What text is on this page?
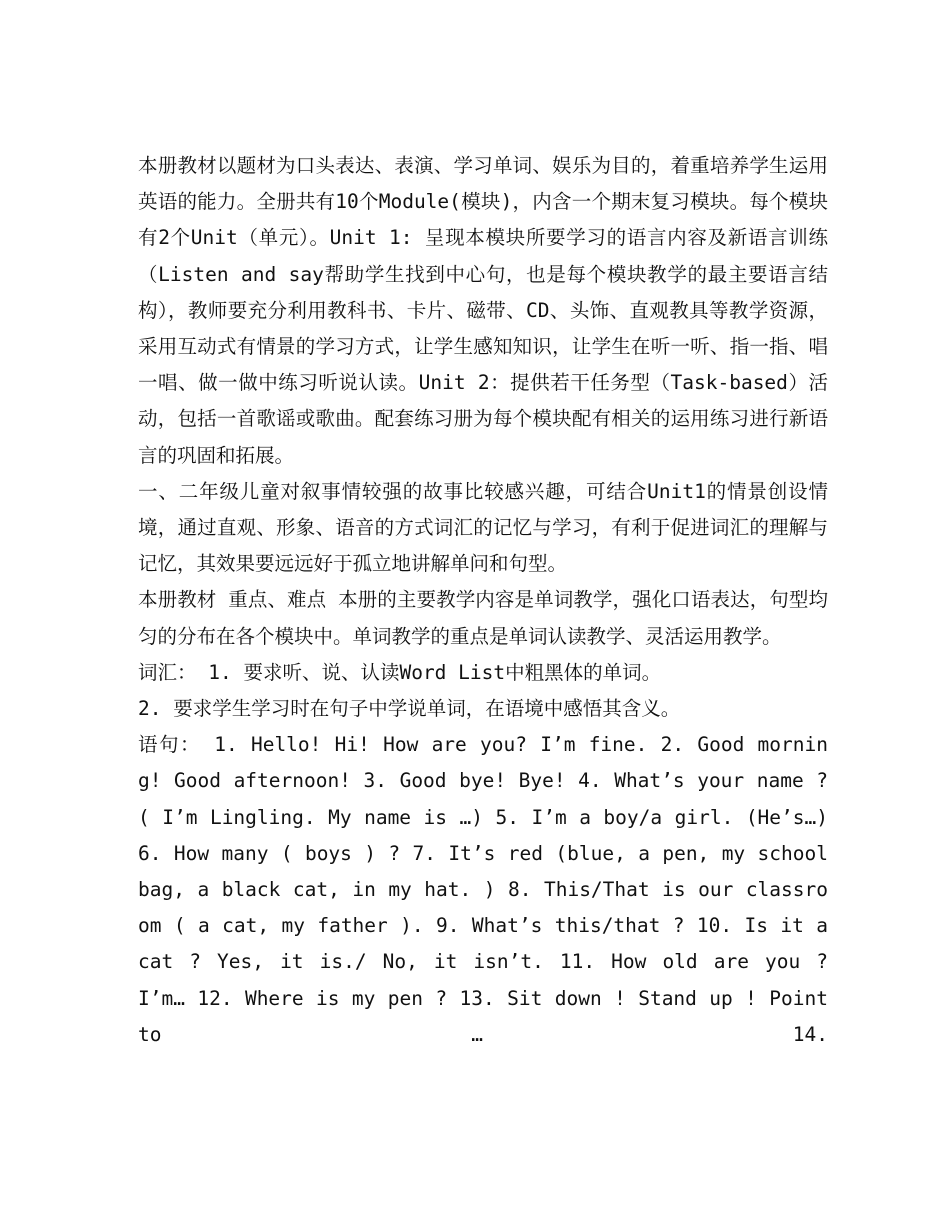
本册教材以题材为口头表达、表演、学习单词、娱乐为目的，着重培养学生运用英语的能力。全册共有10个Module(模块)，内含一个期末复习模块。每个模块有2个Unit（单元）。Unit 1: 呈现本模块所要学习的语言内容及新语言训练（Listen and say帮助学生找到中心句，也是每个模块教学的最主要语言结构），教师要充分利用教科书、卡片、磁带、CD、头饰、直观教具等教学资源，采用互动式有情景的学习方式，让学生感知知识，让学生在听一听、指一指、唱一唱、做一做中练习听说认读。Unit 2：提供若干任务型（Task-based）活动，包括一首歌谣或歌曲。配套练习册为每个模块配有相关的运用练习进行新语言的巩固和拓展。

一、二年级儿童对叙事情较强的故事比较感兴趣，可结合Unit1的情景创设情境，通过直观、形象、语音的方式词汇的记忆与学习，有利于促进词汇的理解与记忆，其效果要远远好于孤立地讲解单问和句型。

本册教材 重点、难点 本册的主要教学内容是单词教学，强化口语表达，句型均匀的分布在各个模块中。单词教学的重点是单词认读教学、灵活运用教学。

词汇： 1. 要求听、说、认读Word List中粗黑体的单词。

2. 要求学生学习时在句子中学说单词，在语境中感悟其含义。

语句： 1. Hello! Hi! How are you? I’m fine. 2. Good morning! Good afternoon! 3. Good bye! Bye! 4. What’s your name ?( I’m Lingling. My name is …) 5. I’m a boy/a girl. (He’s…) 6. How many ( boys ) ? 7. It’s red (blue, a pen, my school bag, a black cat, in my hat. ) 8. This/That is our classroom ( a cat, my father ). 9. What’s this/that ? 10. Is it a cat ? Yes, it is./ No, it isn’t. 11. How old are you ? I’m… 12. Where is my pen ? 13. Sit down ! Stand up ! Point to … 14.
